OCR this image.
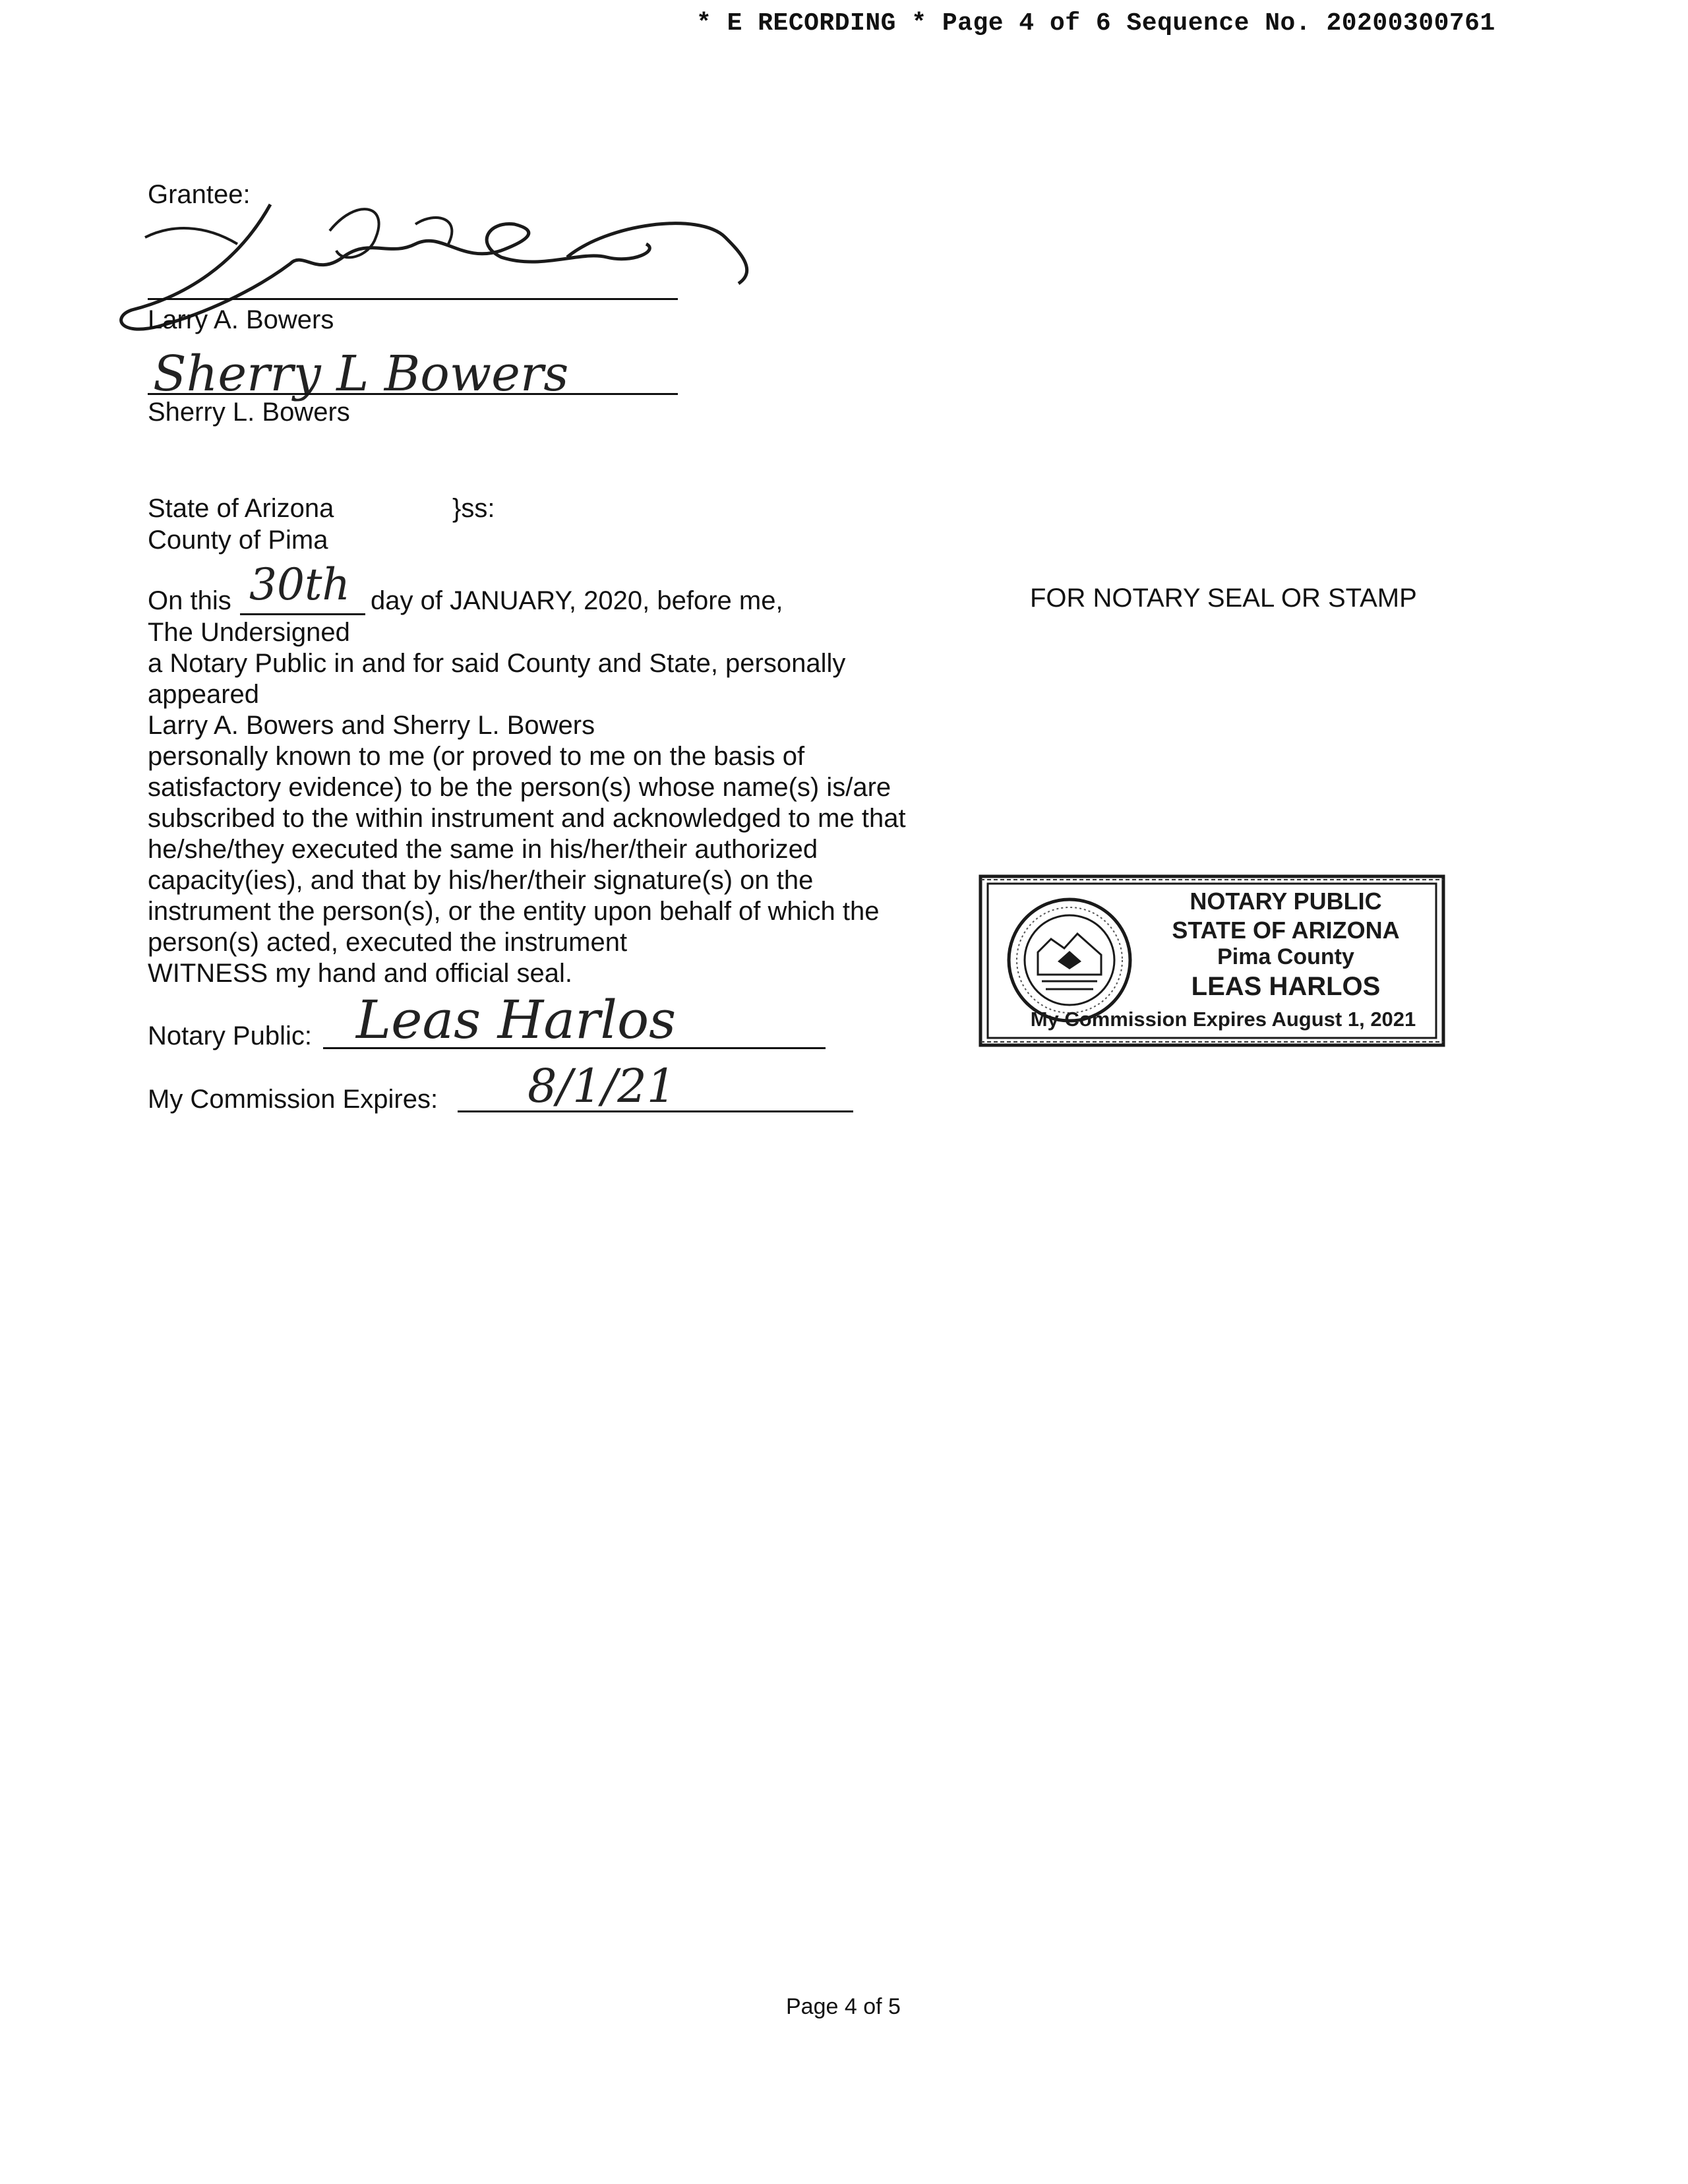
* E RECORDING * Page 4 of 6 Sequence No. 20200300761
Grantee:
Larry A. Bowers
Sherry L Bowers
Sherry L. Bowers
State of Arizona	}ss:
County of Pima
On this 30th day of JANUARY, 2020, before me,	FOR NOTARY SEAL OR STAMP
The Undersigned
a Notary Public in and for said County and State, personally
appeared
Larry A. Bowers and Sherry L. Bowers
personally known to me (or proved to me on the basis of
satisfactory evidence) to be the person(s) whose name(s) is/are
subscribed to the within instrument and acknowledged to me that
he/she/they executed the same in his/her/their authorized
capacity(ies), and that by his/her/their signature(s) on the
instrument the person(s), or the entity upon behalf of which the
person(s) acted, executed the instrument
WITNESS my hand and official seal.
Notary Public: Leas Harlos
My Commission Expires: 8/1/21
NOTARY PUBLIC
STATE OF ARIZONA
Pima County
LEAS HARLOS
My Commission Expires August 1, 2021
Page 4 of 5
